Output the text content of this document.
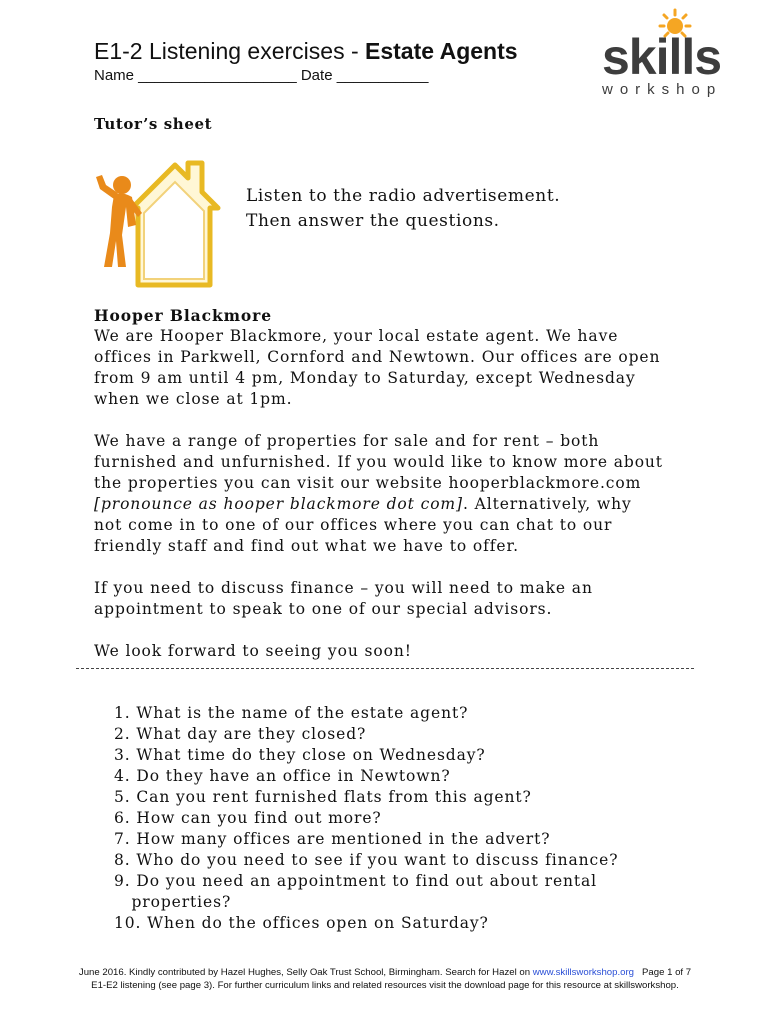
E1-2 Listening exercises - Estate Agents
Name ___________________ Date ___________	skills
workshop
Tutor’s sheet
Listen to the radio advertisement.
Then answer the questions.
Hooper Blackmore
We are Hooper Blackmore, your local estate agent. We have
offices in Parkwell, Cornford and Newtown. Our offices are open
from 9 am until 4 pm, Monday to Saturday, except Wednesday
when we close at 1pm.
We have a range of properties for sale and for rent – both
furnished and unfurnished. If you would like to know more about
the properties you can visit our website hooperblackmore.com
[pronounce as hooper blackmore dot com]. Alternatively, why
not come in to one of our offices where you can chat to our
friendly staff and find out what we have to offer.
If you need to discuss finance – you will need to make an
appointment to speak to one of our special advisors.
We look forward to seeing you soon!
1. What is the name of the estate agent?
2. What day are they closed?
3. What time do they close on Wednesday?
4. Do they have an office in Newtown?
5. Can you rent furnished flats from this agent?
6. How can you find out more?
7. How many offices are mentioned in the advert?
8. Who do you need to see if you want to discuss finance?
9. Do you need an appointment to find out about rental
properties?
10. When do the offices open on Saturday?
June 2016. Kindly contributed by Hazel Hughes, Selly Oak Trust School, Birmingham. Search for Hazel on www.skillsworkshop.org   Page 1 of 7
E1-E2 listening (see page 3). For further curriculum links and related resources visit the download page for this resource at skillsworkshop.
